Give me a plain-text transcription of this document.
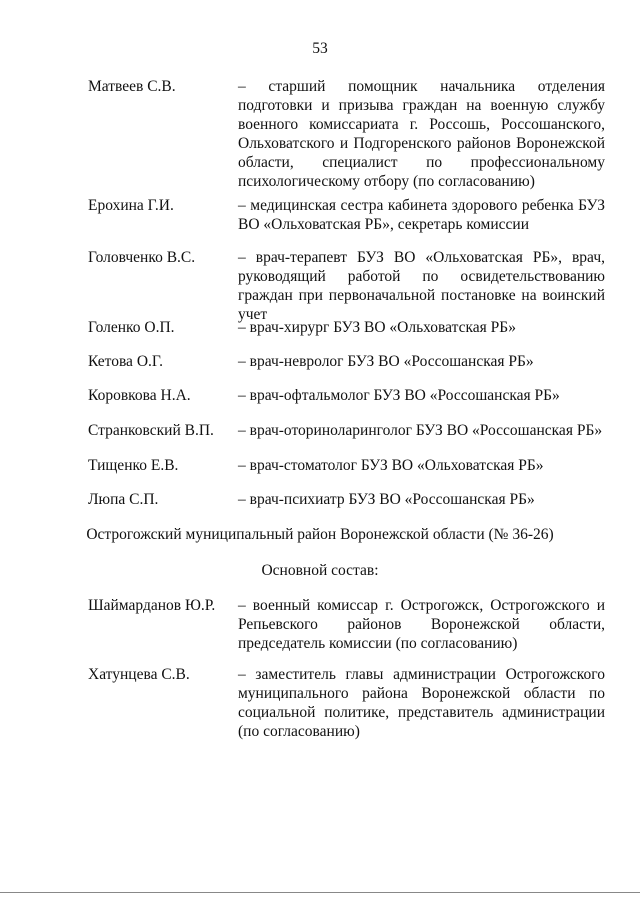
53
Матвеев С.В.	– старший помощник начальника отделения подготовки и призыва граждан на военную службу военного комиссариата г. Россошь, Россошанского, Ольховатского и Подгоренского районов Воронежской области, специалист по профессиональному психологическому отбору (по согласованию)
Ерохина Г.И.	– медицинская сестра кабинета здорового ребенка БУЗ ВО «Ольховатская РБ», секретарь комиссии
Головченко В.С.	– врач-терапевт БУЗ ВО «Ольховатская РБ», врач, руководящий работой по освидетельствованию граждан при первоначальной постановке на воинский учет
Голенко О.П.	– врач-хирург БУЗ ВО «Ольховатская РБ»
Кетова О.Г.	– врач-невролог БУЗ ВО «Россошанская РБ»
Коровкова Н.А.	– врач-офтальмолог БУЗ ВО «Россошанская РБ»
Странковский В.П.	– врач-оториноларинголог БУЗ ВО «Россошанская РБ»
Тищенко Е.В.	– врач-стоматолог БУЗ ВО «Ольховатская РБ»
Люпа С.П.	– врач-психиатр БУЗ ВО «Россошанская РБ»
Острогожский муниципальный район Воронежской области (№ 36-26)
Основной состав:
Шаймарданов Ю.Р.	– военный комиссар г. Острогожск, Острогожского и Репьевского районов Воронежской области, председатель комиссии (по согласованию)
Хатунцева С.В.	– заместитель главы администрации Острогожского муниципального района Воронежской области по социальной политике, представитель администрации (по согласованию)
